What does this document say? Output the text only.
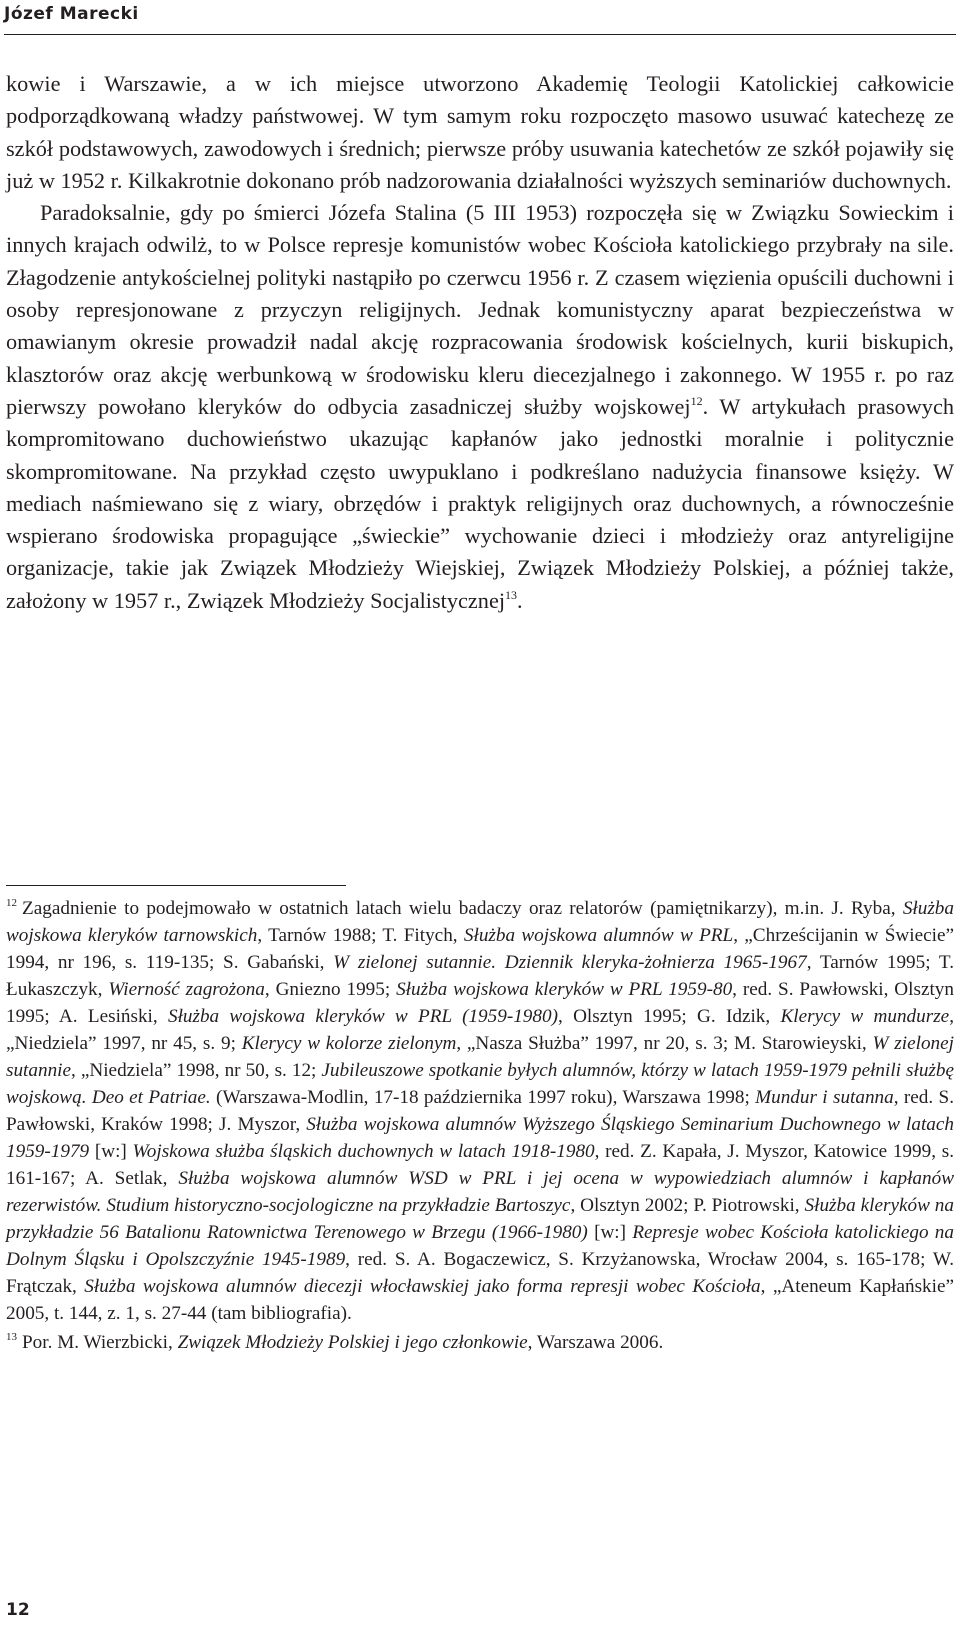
Józef Marecki

kowie i Warszawie, a w ich miejsce utworzono Akademię Teologii Katolickiej całkowicie podporządkowaną władzy państwowej. W tym samym roku rozpoczęto masowo usuwać katechezę ze szkół podstawowych, zawodowych i średnich; pierwsze próby usuwania katechetów ze szkół pojawiły się już w 1952 r. Kilkakrotnie dokonano prób nadzorowania działalności wyższych seminariów duchownych.

Paradoksalnie, gdy po śmierci Józefa Stalina (5 III 1953) rozpoczęła się w Związku Sowieckim i innych krajach odwilż, to w Polsce represje komunistów wobec Kościoła katolickiego przybrały na sile. Złagodzenie antykościelnej polityki nastąpiło po czerwcu 1956 r. Z czasem więzienia opuścili duchowni i osoby represjonowane z przyczyn religijnych. Jednak komunistyczny aparat bezpieczeństwa w omawianym okresie prowadził nadal akcję rozpracowania środowisk kościelnych, kurii biskupich, klasztorów oraz akcję werbunkową w środowisku kleru diecezjalnego i zakonnego. W 1955 r. po raz pierwszy powołano kleryków do odbycia zasadniczej służby wojskowej$^{12}$. W artykułach prasowych kompromitowano duchowieństwo ukazując kapłanów jako jednostki moralnie i politycznie skompromitowane. Na przykład często uwypuklano i podkreślano nadużycia finansowe księży. W mediach naśmiewano się z wiary, obrzędów i praktyk religijnych oraz duchownych, a równocześnie wspierano środowiska propagujące „świeckie” wychowanie dzieci i młodzieży oraz antyreligijne organizacje, takie jak Związek Młodzieży Wiejskiej, Związek Młodzieży Polskiej, a później także, założony w 1957 r., Związek Młodzieży Socjalistycznej$^{13}$.

$^{12}$ Zagadnienie to podejmowało w ostatnich latach wielu badaczy oraz relatorów (pamiętnikarzy), m.in. J. Ryba, Służba wojskowa kleryków tarnowskich, Tarnów 1988; T. Fitych, Służba wojskowa alumnów w PRL, „Chrześcijanin w Świecie” 1994, nr 196, s. 119-135; S. Gabański, W zielonej sutannie. Dziennik kleryka-żołnierza 1965-1967, Tarnów 1995; T. Łukaszczyk, Wierność zagrożona, Gniezno 1995; Służba wojskowa kleryków w PRL 1959-80, red. S. Pawłowski, Olsztyn 1995; A. Lesiński, Służba wojskowa kleryków w PRL (1959-1980), Olsztyn 1995; G. Idzik, Klerycy w mundurze, „Niedziela” 1997, nr 45, s. 9; Klerycy w kolorze zielonym, „Nasza Służba” 1997, nr 20, s. 3; M. Starowieyski, W zielonej sutannie, „Niedziela” 1998, nr 50, s. 12; Jubileuszowe spotkanie byłych alumnów, którzy w latach 1959-1979 pełnili służbę wojskową. Deo et Patriae. (Warszawa-Modlin, 17-18 października 1997 roku), Warszawa 1998; Mundur i sutanna, red. S. Pawłowski, Kraków 1998; J. Myszor, Służba wojskowa alumnów Wyższego Śląskiego Seminarium Duchownego w latach 1959-1979 [w:] Wojskowa służba śląskich duchownych w latach 1918-1980, red. Z. Kapała, J. Myszor, Katowice 1999, s. 161-167; A. Setlak, Służba wojskowa alumnów WSD w PRL i jej ocena w wypowiedziach alumnów i kapłanów rezerwistów. Studium historyczno-socjologiczne na przykładzie Bartoszyc, Olsztyn 2002; P. Piotrowski, Służba kleryków na przykładzie 56 Batalionu Ratownictwa Terenowego w Brzegu (1966-1980) [w:] Represje wobec Kościoła katolickiego na Dolnym Śląsku i Opolszczyźnie 1945-1989, red. S. A. Bogaczewicz, S. Krzyżanowska, Wrocław 2004, s. 165-178; W. Frątczak, Służba wojskowa alumnów diecezji włocławskiej jako forma represji wobec Kościoła, „Ateneum Kapłańskie” 2005, t. 144, z. 1, s. 27-44 (tam bibliografia).

$^{13}$ Por. M. Wierzbicki, Związek Młodzieży Polskiej i jego członkowie, Warszawa 2006.

12
